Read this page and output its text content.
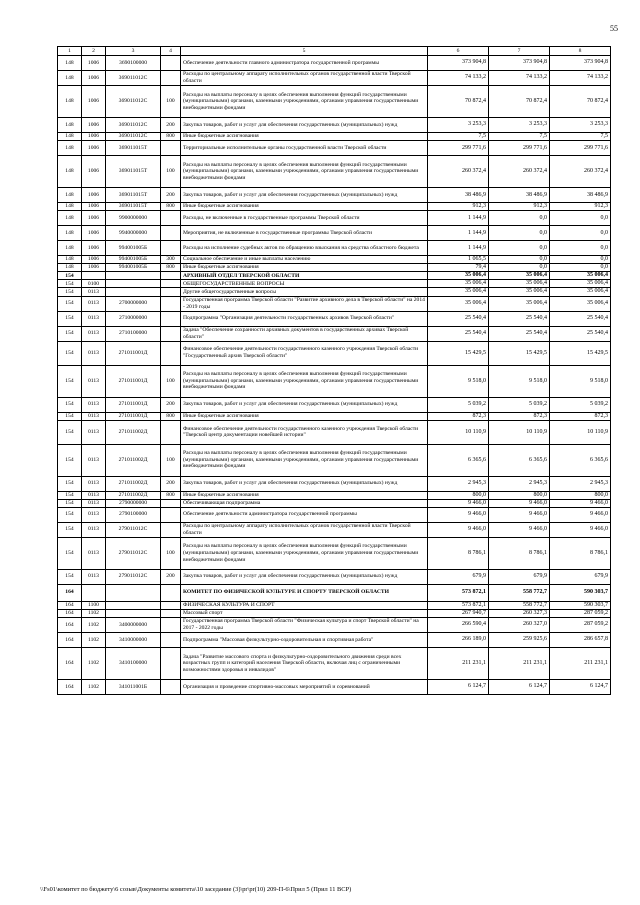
55
1	2	3	4	5	6	7	8
148	1006	3690100000		Обеспечение деятельности главного администратора государственной программы	373 904,8	373 904,8	373 904,8
148	1006	369011012С		Расходы по центральному аппарату исполнительных органов государственной власти Тверской области	74 133,2	74 133,2	74 133,2
148	1006	369011012С	100	Расходы на выплаты персоналу в целях обеспечения выполнения функций государственными (муниципальными) органами, казенными учреждениями, органами управления государственными внебюджетными фондами	70 872,4	70 872,4	70 872,4
148	1006	369011012С	200	Закупка товаров, работ и услуг для обеспечения государственных (муниципальных) нужд	3 253,3	3 253,3	3 253,3
148	1006	369011012С	800	Иные бюджетные ассигнования	7,5	7,5	7,5
148	1006	369011015Т		Территориальные исполнительные органы государственной власти Тверской области	299 771,6	299 771,6	299 771,6
148	1006	369011015Т	100	Расходы на выплаты персоналу в целях обеспечения выполнения функций государственными (муниципальными) органами, казенными учреждениями, органами управления государственными внебюджетными фондами	260 372,4	260 372,4	260 372,4
148	1006	369011015Т	200	Закупка товаров, работ и услуг для обеспечения государственных (муниципальных) нужд	38 486,9	38 486,9	38 486,9
148	1006	369011015Т	800	Иные бюджетные ассигнования	912,3	912,3	912,3
148	1006	9900000000		Расходы, не включенные в государственные программы Тверской области	1 144,9	0,0	0,0
148	1006	9940000000		Мероприятия, не включенные в государственные программы Тверской области	1 144,9	0,0	0,0
148	1006	994001005Б		Расходы на исполнение судебных актов по обращению взыскания на средства областного бюджета	1 144,9	0,0	0,0
148	1006	994001005Б	300	Социальное обеспечение и иные выплаты населению	1 065,5	0,0	0,0
148	1006	994001005Б	800	Иные бюджетные ассигнования	79,4	0,0	0,0
154				АРХИВНЫЙ ОТДЕЛ ТВЕРСКОЙ ОБЛАСТИ	35 006,4	35 006,4	35 006,4
154	0100			ОБЩЕГОСУДАРСТВЕННЫЕ ВОПРОСЫ	35 006,4	35 006,4	35 006,4
154	0113			Другие общегосударственные вопросы	35 006,4	35 006,4	35 006,4
154	0113	2700000000		Государственная программа Тверской области "Развитие архивного дела в Тверской области" на 2014 - 2019 годы	35 006,4	35 006,4	35 006,4
154	0113	2710000000		Подпрограмма "Организация деятельности государственных архивов Тверской области"	25 540,4	25 540,4	25 540,4
154	0113	2710100000		Задача "Обеспечение сохранности архивных документов в государственных архивах Тверской области"	25 540,4	25 540,4	25 540,4
154	0113	271011001Д		Финансовое обеспечение деятельности государственного казенного учреждения Тверской области "Государственный архив Тверской области"	15 429,5	15 429,5	15 429,5
154	0113	271011001Д	100	Расходы на выплаты персоналу в целях обеспечения выполнения функций государственными (муниципальными) органами, казенными учреждениями, органами управления государственными внебюджетными фондами	9 518,0	9 518,0	9 518,0
154	0113	271011001Д	200	Закупка товаров, работ и услуг для обеспечения государственных (муниципальных) нужд	5 039,2	5 039,2	5 039,2
154	0113	271011001Д	800	Иные бюджетные ассигнования	872,3	872,3	872,3
154	0113	271011002Д		Финансовое обеспечение деятельности государственного казенного учреждения Тверской области "Тверской центр документации новейшей истории"	10 110,9	10 110,9	10 110,9
154	0113	271011002Д	100	Расходы на выплаты персоналу в целях обеспечения выполнения функций государственными (муниципальными) органами, казенными учреждениями, органами управления государственными внебюджетными фондами	6 365,6	6 365,6	6 365,6
154	0113	271011002Д	200	Закупка товаров, работ и услуг для обеспечения государственных (муниципальных) нужд	2 945,3	2 945,3	2 945,3
154	0113	271011002Д	800	Иные бюджетные ассигнования	800,0	800,0	800,0
154	0113	2790000000		Обеспечивающая подпрограмма	9 466,0	9 466,0	9 466,0
154	0113	2790100000		Обеспечение деятельности администратора государственной программы	9 466,0	9 466,0	9 466,0
154	0113	279011012С		Расходы по центральному аппарату исполнительных органов государственной власти Тверской области	9 466,0	9 466,0	9 466,0
154	0113	279011012С	100	Расходы на выплаты персоналу в целях обеспечения выполнения функций государственными (муниципальными) органами, казенными учреждениями, органами управления государственными внебюджетными фондами	8 786,1	8 786,1	8 786,1
154	0113	279011012С	200	Закупка товаров, работ и услуг для обеспечения государственных (муниципальных) нужд	679,9	679,9	679,9
164				КОМИТЕТ ПО ФИЗИЧЕСКОЙ КУЛЬТУРЕ И СПОРТУ ТВЕРСКОЙ ОБЛАСТИ	573 872,1	558 772,7	590 303,7
164	1100			ФИЗИЧЕСКАЯ КУЛЬТУРА И СПОРТ	573 872,1	558 772,7	590 303,7
164	1102			Массовый спорт	267 940,7	260 327,3	287 059,2
164	1102	3400000000		Государственная программа Тверской области "Физическая культура и спорт Тверской области" на 2017 - 2022 годы	266 590,4	260 327,0	287 059,2
164	1102	3410000000		Подпрограмма "Массовая физкультурно-оздоровительная и спортивная работа"	266 189,0	259 925,6	286 657,8
164	1102	3410100000		Задача "Развитие массового спорта и физкультурно-оздоровительного движения среди всех возрастных групп и категорий населения Тверской области, включая лиц с ограниченными возможностями здоровья и инвалидов"	211 231,1	211 231,1	211 231,1
164	1102	341011001Б		Организация и проведение спортивно-массовых мероприятий и соревнований	6 124,7	6 124,7	6 124,7
\\Fs01\комитет по бюджету\6 созыв\Документы комитета\10 заседание (3)\pr\pr(10) 209-П-6\Прил 5 (Прил 11 ВСР)
